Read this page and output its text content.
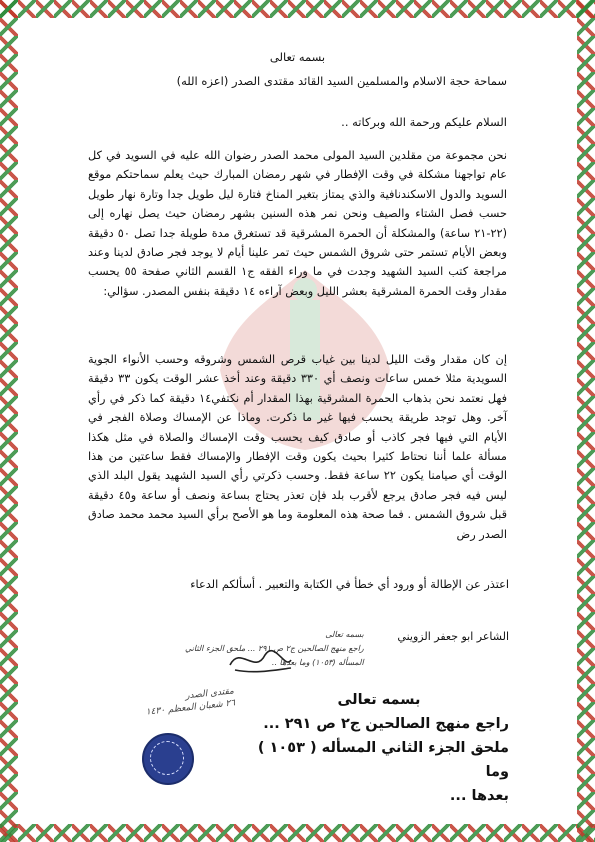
بسمه تعالى
سماحة حجة الاسلام والمسلمين السيد القائد مقتدى الصدر (اعزه الله)
السلام عليكم ورحمة الله وبركاته ..
نحن مجموعة من مقلدين السيد المولى محمد الصدر رضوان الله عليه في السويد في كل عام تواجهنا مشكلة في وقت الإفطار في شهر رمضان المبارك حيث يعلم سماحتكم موقع السويد والدول الاسكندنافية والذي يمتاز بتغير المناخ فتارة ليل طويل جدا وتارة نهار طويل حسب فصل الشتاء والصيف ونحن نمر هذه السنين بشهر رمضان حيث يصل نهاره إلى (٢٢-٢١ ساعة) والمشكلة أن الحمرة المشرقية قد تستغرق مدة طويلة جدا تصل ٥٠ دقيقة وبعض الأيام تستمر حتى شروق الشمس حيث تمر علينا أيام لا يوجد فجر صادق لدينا وعند مراجعة كتب السيد الشهيد وجدت في ما وراء الفقه ج١ القسم الثاني صفحة ٥٥ يحسب مقدار وقت الحمرة المشرقية بعشر الليل وبعض آراءه ١٤ دقيقة بنفس المصدر. سؤالي:
إن كان مقدار وقت الليل لدينا بين غياب قرص الشمس وشروقه وحسب الأنواء الجوية السويدية مثلا خمس ساعات ونصف أي ٣٣٠ دقيقة وعند أخذ عشر الوقت يكون ٣٣ دقيقة فهل نعتمد نحن بذهاب الحمرة المشرقية بهذا المقدار أم نكتفي١٤ دقيقة كما ذكر في رأي آخر. وهل توجد طريقة يحسب فيها غير ما ذكرت. وماذا عن الإمساك وصلاة الفجر في الأيام التي فيها فجر كاذب أو صادق كيف يحسب وقت الإمساك والصلاة في مثل هكذا مسألة علما أننا نحتاط كثيرا بحيث يكون وقت الإفطار والإمساك فقط ساعتين من هذا الوقت أي صيامنا يكون ٢٢ ساعة فقط. وحسب ذكرتي رأي السيد الشهيد يقول البلد الذي ليس فيه فجر صادق يرجع لأقرب بلد فإن تعذر يحتاج بساعة ونصف أو ساعة و٤٥ دقيقة قبل شروق الشمس . فما صحة هذه المعلومة وما هو الأصح برأي السيد محمد محمد صادق الصدر رض
اعتذر عن الإطالة أو ورود أي خطأ في الكتابة والتعبير . أسألكم الدعاء
الشاعر ابو جعفر الزويني
بسمه تعالى
راجع منهج الصالحين ج٢ ص ٢٩١ ... ملحق الجزء الثاني
المسأله (١٠٥٣) وما بعدها ..
مقتدى الصدر
٢٦ شعبان المعظم ١٤٣٠	بسمه تعالى
راجع منهج الصالحين ج٢ ص ٢٩١ ...
ملحق الجزء الثاني المسأله ( ١٠٥٣ ) وما
بعدها ...
